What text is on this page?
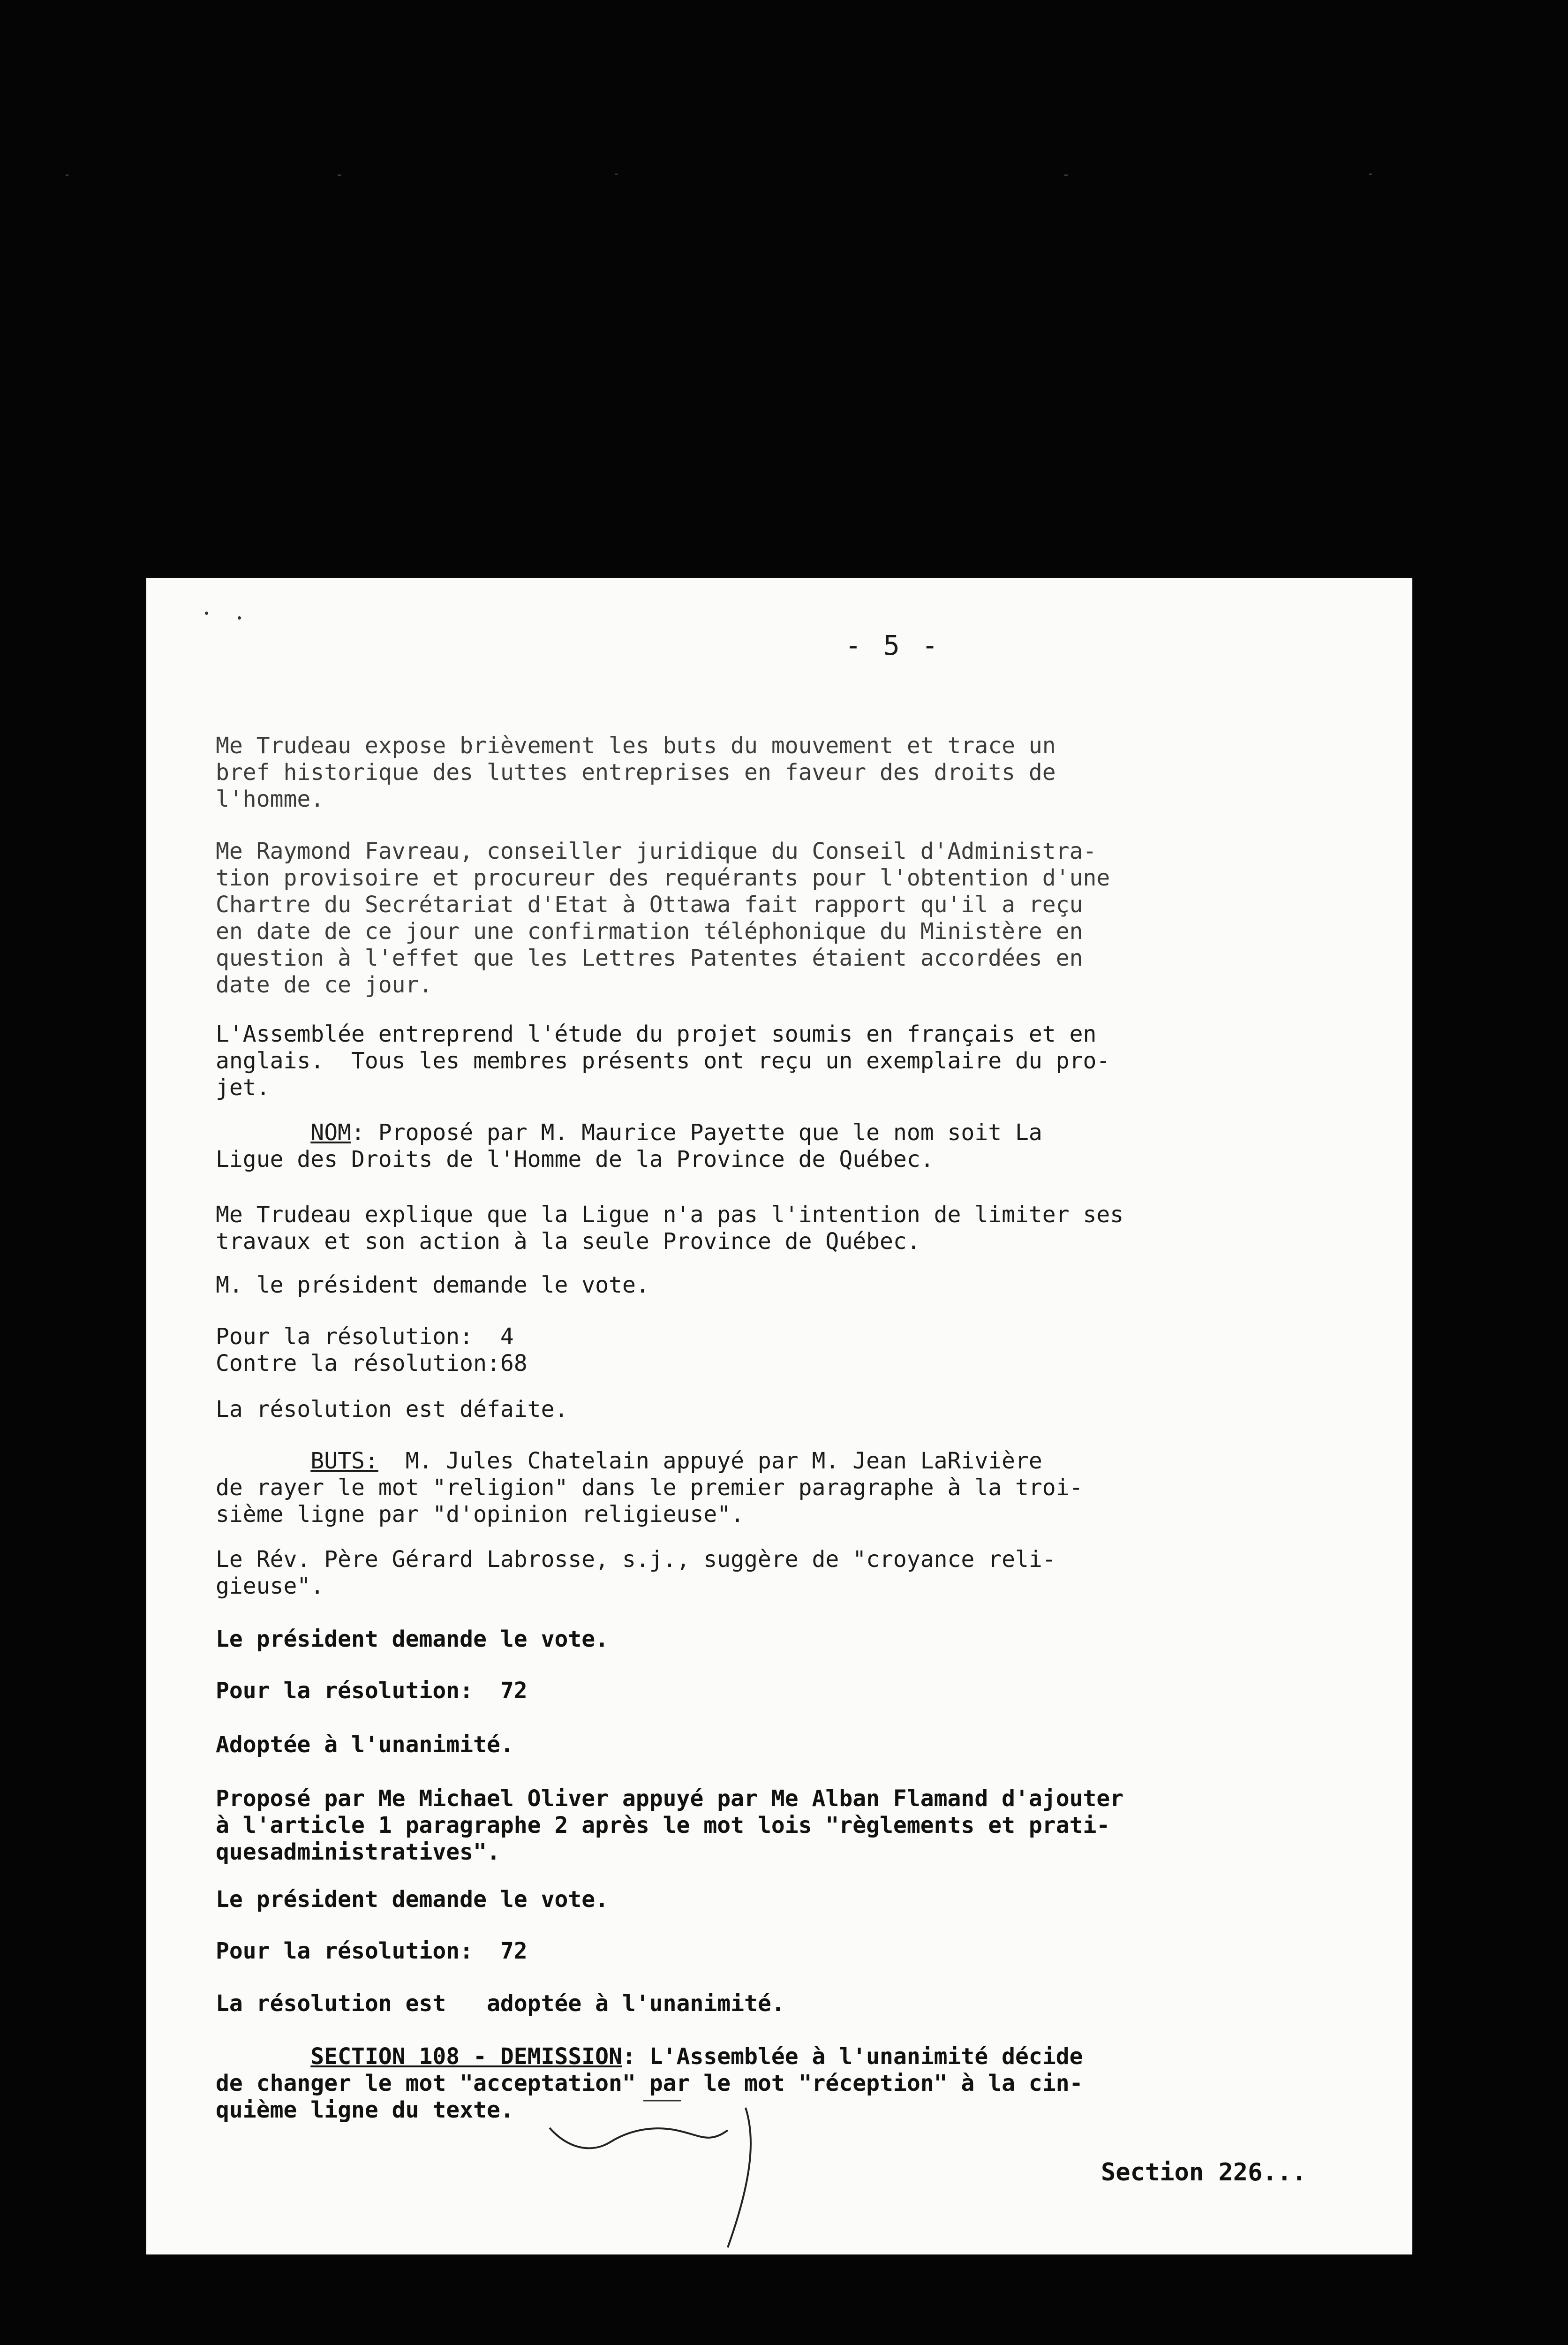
- 5 -
Me Trudeau expose brièvement les buts du mouvement et trace un
bref historique des luttes entreprises en faveur des droits de
l'homme.
Me Raymond Favreau, conseiller juridique du Conseil d'Administra-
tion provisoire et procureur des requérants pour l'obtention d'une
Chartre du Secrétariat d'Etat à Ottawa fait rapport qu'il a reçu
en date de ce jour une confirmation téléphonique du Ministère en
question à l'effet que les Lettres Patentes étaient accordées en
date de ce jour.
L'Assemblée entreprend l'étude du projet soumis en français et en
anglais.  Tous les membres présents ont reçu un exemplaire du pro-
jet.
NOM: Proposé par M. Maurice Payette que le nom soit La
Ligue des Droits de l'Homme de la Province de Québec.
Me Trudeau explique que la Ligue n'a pas l'intention de limiter ses
travaux et son action à la seule Province de Québec.
M. le président demande le vote.
Pour la résolution:  4
Contre la résolution:68
La résolution est défaite.
BUTS:  M. Jules Chatelain appuyé par M. Jean LaRivière
de rayer le mot "religion" dans le premier paragraphe à la troi-
sième ligne par "d'opinion religieuse".
Le Rév. Père Gérard Labrosse, s.j., suggère de "croyance reli-
gieuse".
Le président demande le vote.
Pour la résolution:  72
Adoptée à l'unanimité.
Proposé par Me Michael Oliver appuyé par Me Alban Flamand d'ajouter
à l'article 1 paragraphe 2 après le mot lois "règlements et prati-
quesadministratives".
Le président demande le vote.
Pour la résolution:  72
La résolution est   adoptée à l'unanimité.
SECTION 108 - DEMISSION: L'Assemblée à l'unanimité décide
de changer le mot "acceptation" par le mot "réception" à la cin-
quième ligne du texte.
Section 226...
